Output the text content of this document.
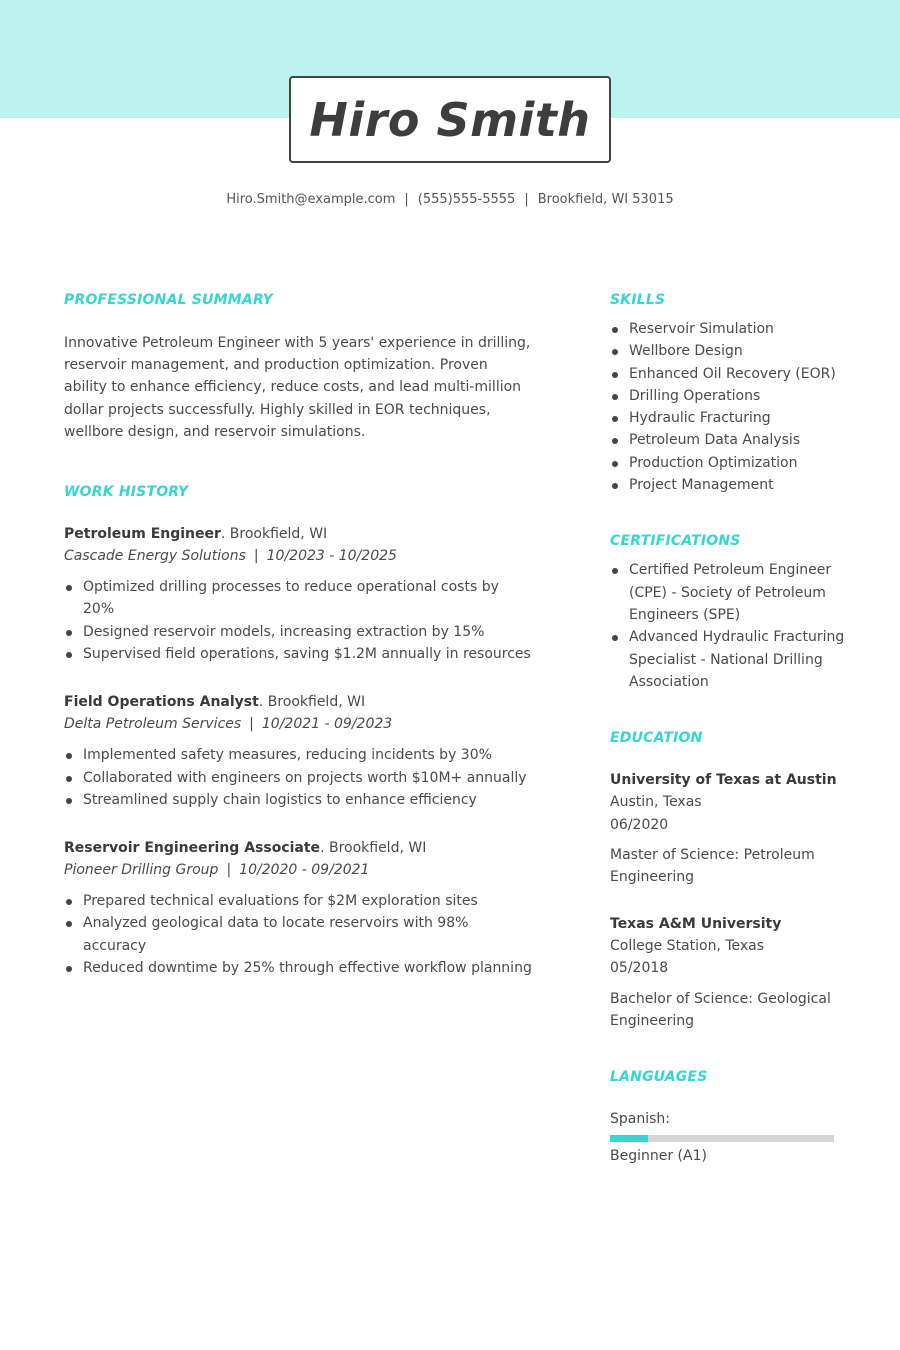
Hiro Smith
Hiro.Smith@example.com | (555)555-5555 | Brookfield, WI 53015
PROFESSIONAL SUMMARY

Innovative Petroleum Engineer with 5 years' experience in drilling, reservoir management, and production optimization. Proven ability to enhance efficiency, reduce costs, and lead multi-million dollar projects successfully. Highly skilled in EOR techniques, wellbore design, and reservoir simulations.

WORK HISTORY
Petroleum Engineer. Brookfield, WI
Cascade Energy Solutions | 10/2023 - 10/2025
Optimized drilling processes to reduce operational costs by 20%
Designed reservoir models, increasing extraction by 15%
Supervised field operations, saving $1.2M annually in resources
Field Operations Analyst. Brookfield, WI
Delta Petroleum Services | 10/2021 - 09/2023
Implemented safety measures, reducing incidents by 30%
Collaborated with engineers on projects worth $10M+ annually
Streamlined supply chain logistics to enhance efficiency
Reservoir Engineering Associate. Brookfield, WI
Pioneer Drilling Group | 10/2020 - 09/2021
Prepared technical evaluations for $2M exploration sites
Analyzed geological data to locate reservoirs with 98% accuracy
Reduced downtime by 25% through effective workflow planning
SKILLS
Reservoir Simulation
Wellbore Design
Enhanced Oil Recovery (EOR)
Drilling Operations
Hydraulic Fracturing
Petroleum Data Analysis
Production Optimization
Project Management
CERTIFICATIONS
Certified Petroleum Engineer (CPE) - Society of Petroleum Engineers (SPE)
Advanced Hydraulic Fracturing Specialist - National Drilling Association
EDUCATION
University of Texas at Austin
Austin, Texas
06/2020
Master of Science: Petroleum Engineering
Texas A&M University
College Station, Texas
05/2018
Bachelor of Science: Geological Engineering
LANGUAGES
Spanish:
Beginner (A1)
